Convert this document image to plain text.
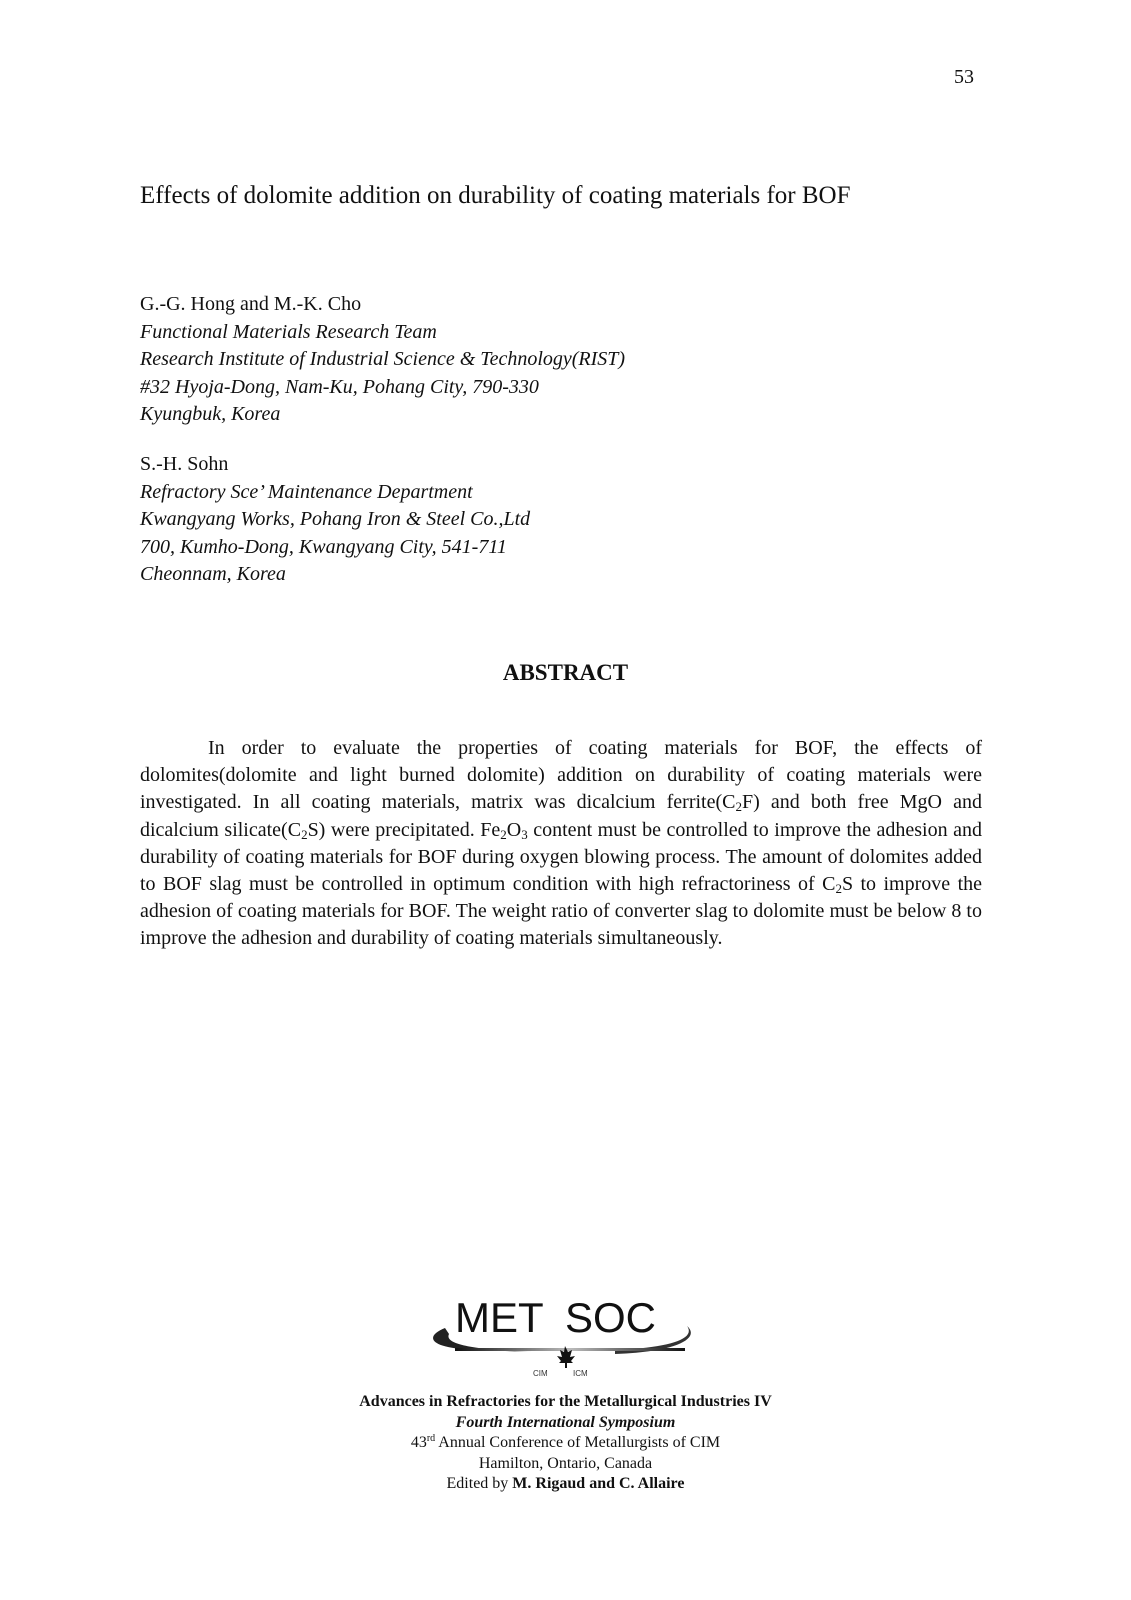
53
Effects of dolomite addition on durability of coating materials for BOF
G.-G. Hong and M.-K. Cho
Functional Materials Research Team
Research Institute of Industrial Science & Technology(RIST)
#32 Hyoja-Dong, Nam-Ku, Pohang City, 790-330
Kyungbuk, Korea
S.-H. Sohn
Refractory Sce’ Maintenance Department
Kwangyang Works, Pohang Iron & Steel Co.,Ltd
700, Kumho-Dong, Kwangyang City, 541-711
Cheonnam, Korea
ABSTRACT

In order to evaluate the properties of coating materials for BOF, the effects of dolomites(dolomite and light burned dolomite) addition on durability of coating materials were investigated. In all coating materials, matrix was dicalcium $ferrite(C_2F)$ and both free MgO and dicalcium $silicate(C_2S)$ were precipitated. $Fe_2O_3$ content must be controlled to improve the adhesion and durability of coating materials for BOF during oxygen blowing process. The amount of dolomites added to BOF slag must be controlled in optimum condition with high refractoriness of $C_2S$ to improve the adhesion of coating materials for BOF. The weight ratio of converter slag to dolomite must be below 8 to improve the adhesion and durability of coating materials simultaneously.

MET SOC
CIM	ICM
Advances in Refractories for the Metallurgical Industries IV
Fourth International Symposium
43rd Annual Conference of Metallurgists of CIM
Hamilton, Ontario, Canada
Edited by M. Rigaud and C. Allaire
